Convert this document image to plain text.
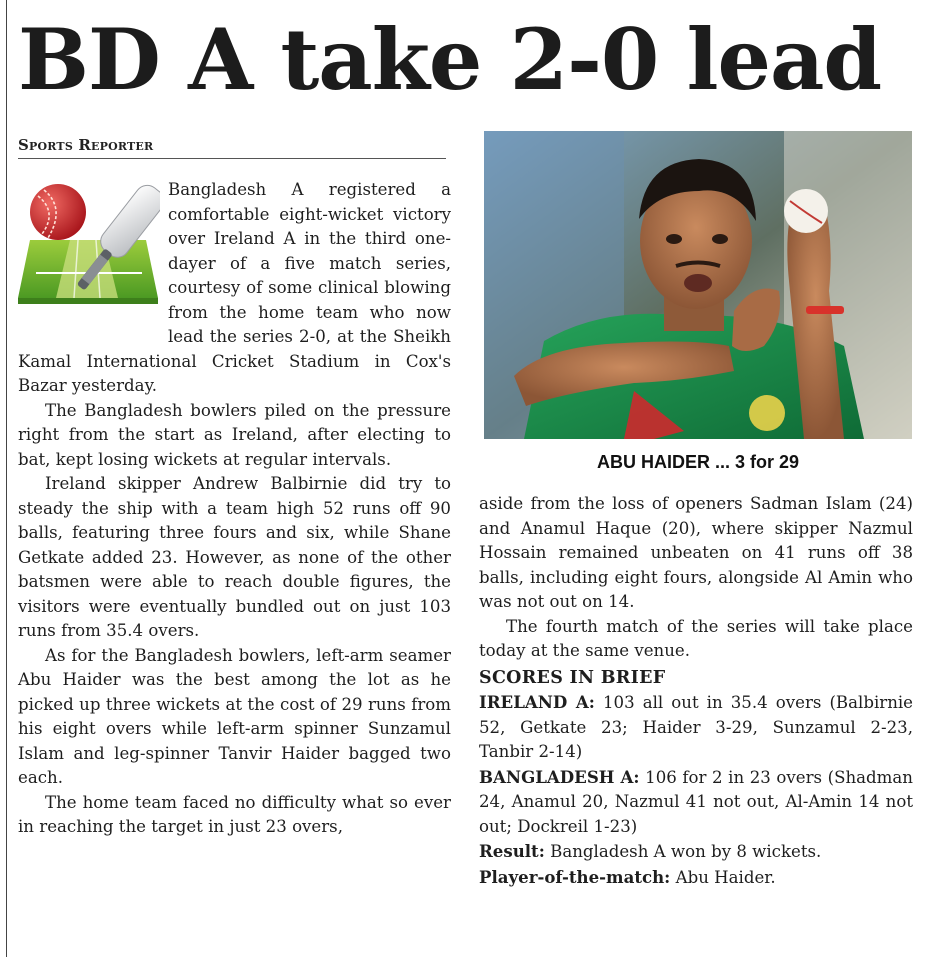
BD A take 2-0 lead
Sports Reporter

Bangladesh A registered a comfortable eight-wicket victory over Ireland A in the third one-dayer of a five match series, courtesy of some clinical blowing from the home team who now lead the series 2-0, at the Sheikh Kamal International Cricket Stadium in Cox's Bazar yesterday.

The Bangladesh bowlers piled on the pressure right from the start as Ireland, after electing to bat, kept losing wickets at regular intervals.

Ireland skipper Andrew Balbirnie did try to steady the ship with a team high 52 runs off 90 balls, featuring three fours and six, while Shane Getkate added 23. However, as none of the other batsmen were able to reach double figures, the visitors were eventually bundled out on just 103 runs from 35.4 overs.

As for the Bangladesh bowlers, left-arm seamer Abu Haider was the best among the lot as he picked up three wickets at the cost of 29 runs from his eight overs while left-arm spinner Sunzamul Islam and leg-spinner Tanvir Haider bagged two each.

The home team faced no difficulty what so ever in reaching the target in just 23 overs,

ABU HAIDER ... 3 for 29

aside from the loss of openers Sadman Islam (24) and Anamul Haque (20), where skipper Nazmul Hossain remained unbeaten on 41 runs off 38 balls, including eight fours, alongside Al Amin who was not out on 14.

The fourth match of the series will take place today at the same venue.

SCORES IN BRIEF

IRELAND A: 103 all out in 35.4 overs (Balbirnie 52, Getkate 23; Haider 3-29, Sunzamul 2-23, Tanbir 2-14)

BANGLADESH A: 106 for 2 in 23 overs (Shadman 24, Anamul 20, Nazmul 41 not out, Al-Amin 14 not out; Dockreil 1-23)

Result: Bangladesh A won by 8 wickets.

Player-of-the-match: Abu Haider.
